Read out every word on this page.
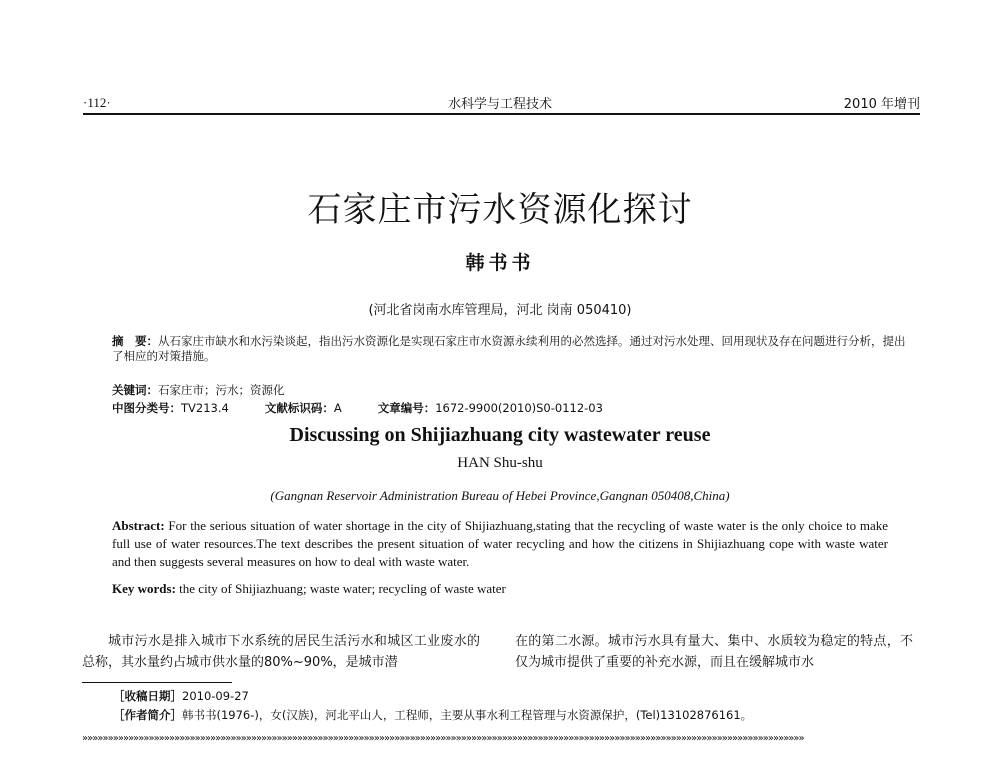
·112·	水科学与工程技术	2010 年增刊
石家庄市污水资源化探讨
韩书书
(河北省岗南水库管理局，河北 岗南 050410)
摘　要：从石家庄市缺水和水污染谈起，指出污水资源化是实现石家庄市水资源永续利用的必然选择。通过对污水处理、回用现状及存在问题进行分析，提出了相应的对策措施。
关键词：石家庄市；污水；资源化
中图分类号：TV213.4	文献标识码：A	文章编号：1672-9900(2010)S0-0112-03
Discussing on Shijiazhuang city wastewater reuse
HAN Shu-shu
(Gangnan Reservoir Administration Bureau of Hebei Province,Gangnan 050408,China)
Abstract: For the serious situation of water shortage in the city of Shijiazhuang,stating that the recycling of waste water is the only choice to make full use of water resources.The text describes the present situation of water recycling and how the citizens in Shijiazhuang cope with waste water and then suggests several measures on how to deal with waste water.
Key words: the city of Shijiazhuang; waste water; recycling of waste water
城市污水是排入城市下水系统的居民生活污水和城区工业废水的总称，其水量约占城市供水量的80%~90%，是城市潜
在的第二水源。城市污水具有量大、集中、水质较为稳定的特点，不仅为城市提供了重要的补充水源，而且在缓解城市水
［收稿日期］2010-09-27
［作者简介］韩书书(1976-)，女(汉族)，河北平山人，工程师，主要从事水利工程管理与水资源保护，(Tel)13102876161。
»»»»»»»»»»»»»»»»»»»»»»»»»»»»»»»»»»»»»»»»»»»»»»»»»»»»»»»»»»»»»»»»»»»»»»»»»»»»»»»»»»»»»»»»»»»»»»»»»»»»»»»»»»»»»»»»»»»»»»»»»»»»»»»»»»»»»»»»»»»»»
